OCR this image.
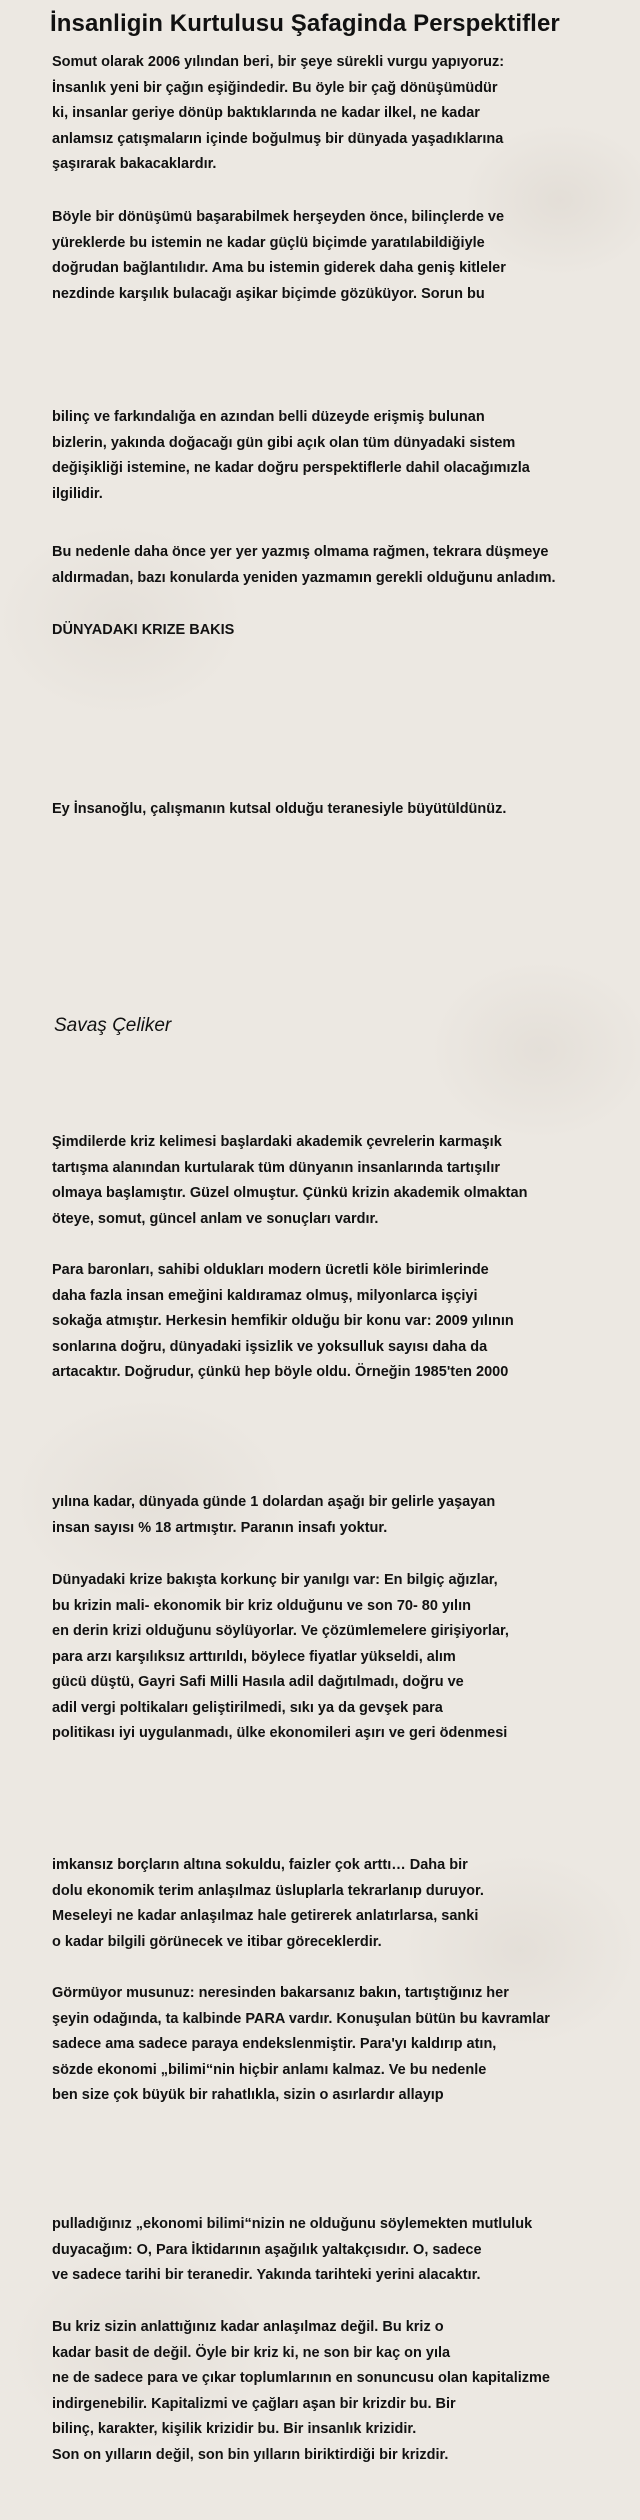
İnsanligin Kurtulusu Şafaginda Perspektifler
Somut olarak 2006 yılından beri, bir şeye sürekli vurgu yapıyoruz:
İnsanlık yeni bir çağın eşiğindedir. Bu öyle bir çağ dönüşümüdür
ki, insanlar geriye dönüp baktıklarında ne kadar ilkel, ne kadar
anlamsız çatışmaların içinde boğulmuş bir dünyada yaşadıklarına
şaşırarak bakacaklardır.
Böyle bir dönüşümü başarabilmek herşeyden önce, bilinçlerde ve
yüreklerde bu istemin ne kadar güçlü biçimde yaratılabildiğiyle
doğrudan bağlantılıdır. Ama bu istemin giderek daha geniş kitleler
nezdinde karşılık bulacağı aşikar biçimde gözüküyor. Sorun bu
bilinç ve farkındalığa en azından belli düzeyde erişmiş bulunan
bizlerin, yakında doğacağı gün gibi açık olan tüm dünyadaki sistem
değişikliği istemine, ne kadar doğru perspektiflerle dahil olacağımızla
ilgilidir.
Bu nedenle daha önce yer yer yazmış olmama rağmen, tekrara düşmeye
aldırmadan, bazı konularda yeniden yazmamın gerekli olduğunu anladım.
DÜNYADAKI KRIZE BAKIS
Ey İnsanoğlu, çalışmanın kutsal olduğu teranesiyle büyütüldünüz.

Savaş Çeliker

Şimdilerde kriz kelimesi başlardaki akademik çevrelerin karmaşık
tartışma alanından kurtularak tüm dünyanın insanlarında tartışılır
olmaya başlamıştır. Güzel olmuştur. Çünkü krizin akademik olmaktan
öteye, somut, güncel anlam ve sonuçları vardır.
Para baronları, sahibi oldukları modern ücretli köle birimlerinde
daha fazla insan emeğini kaldıramaz olmuş, milyonlarca işçiyi
sokağa atmıştır. Herkesin hemfikir olduğu bir konu var: 2009 yılının
sonlarına doğru, dünyadaki işsizlik ve yoksulluk sayısı daha da
artacaktır. Doğrudur, çünkü hep böyle oldu. Örneğin 1985'ten 2000
yılına kadar, dünyada günde 1 dolardan aşağı bir gelirle yaşayan
insan sayısı % 18 artmıştır. Paranın insafı yoktur.
Dünyadaki krize bakışta korkunç bir yanılgı var: En bilgiç ağızlar,
bu krizin mali- ekonomik bir kriz olduğunu ve son 70- 80 yılın
en derin krizi olduğunu söylüyorlar. Ve çözümlemelere girişiyorlar,
para arzı karşılıksız arttırıldı, böylece fiyatlar yükseldi, alım
gücü düştü, Gayri Safi Milli Hasıla adil dağıtılmadı, doğru ve
adil vergi poltikaları geliştirilmedi, sıkı ya da gevşek para
politikası iyi uygulanmadı, ülke ekonomileri aşırı ve geri ödenmesi
imkansız borçların altına sokuldu, faizler çok arttı… Daha bir
dolu ekonomik terim anlaşılmaz üsluplarla tekrarlanıp duruyor.
Meseleyi ne kadar anlaşılmaz hale getirerek anlatırlarsa, sanki
o kadar bilgili görünecek ve itibar göreceklerdir.
Görmüyor musunuz: neresinden bakarsanız bakın, tartıştığınız her
şeyin odağında, ta kalbinde PARA vardır. Konuşulan bütün bu kavramlar
sadece ama sadece paraya endekslenmiştir. Para'yı kaldırıp atın,
sözde ekonomi „bilimi“nin hiçbir anlamı kalmaz. Ve bu nedenle
ben size çok büyük bir rahatlıkla, sizin o asırlardır allayıp
pulladığınız „ekonomi bilimi“nizin ne olduğunu söylemekten mutluluk
duyacağım: O, Para İktidarının aşağılık yaltakçısıdır. O, sadece
ve sadece tarihi bir teranedir. Yakında tarihteki yerini alacaktır.
Bu kriz sizin anlattığınız kadar anlaşılmaz değil. Bu kriz o
kadar basit de değil. Öyle bir kriz ki, ne son bir kaç on yıla
ne de sadece para ve çıkar toplumlarının en sonuncusu olan kapitalizme
indirgenebilir. Kapitalizmi ve çağları aşan bir krizdir bu. Bir
bilinç, karakter, kişilik krizidir bu. Bir insanlık krizidir.
Son on yılların değil, son bin yılların biriktirdiği bir krizdir.
